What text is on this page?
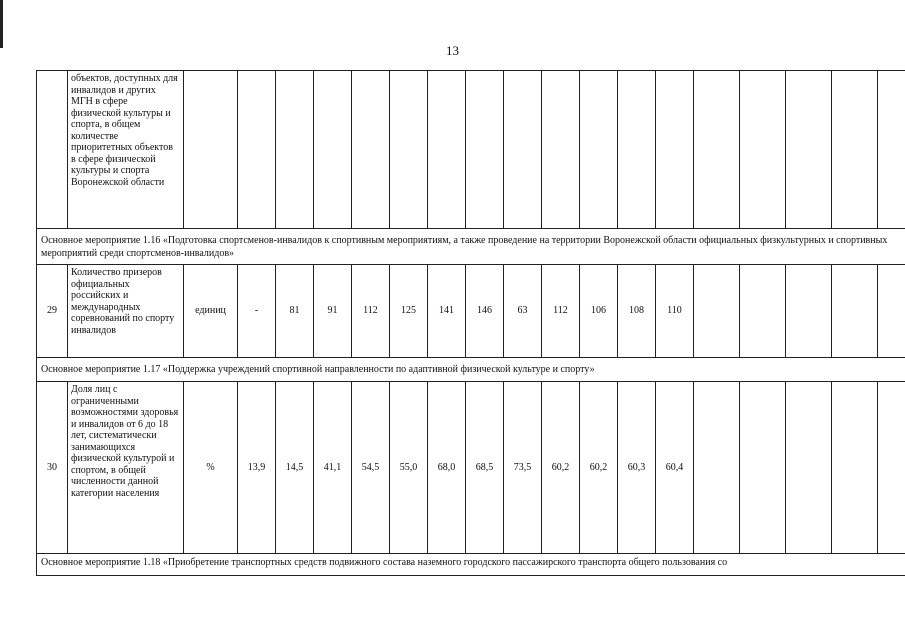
13
	объектов, доступных для инвалидов и других МГН в сфере физической культуры и спорта, в общем количестве приоритетных объектов в сфере физической культуры и спорта Воронежской области																		
Основное мероприятие 1.16 «Подготовка спортсменов-инвалидов к спортивным мероприятиям, а также проведение на территории Воронежской области официальных физкультурных и спортивных мероприятий среди спортсменов-инвалидов»																			
29	Количество призеров официальных российских и международных соревнований по спорту инвалидов	единиц	-	81	91	112	125	141	146	63	112	106	108	110					
Основное мероприятие 1.17 «Поддержка учреждений спортивной направленности по адаптивной физической культуре и спорту»																			
30	Доля лиц с ограниченными возможностями здоровья и инвалидов от 6 до 18 лет, систематически занимающихся физической культурой и спортом, в общей численности данной категории населения	%	13,9	14,5	41,1	54,5	55,0	68,0	68,5	73,5	60,2	60,2	60,3	60,4					
Основное мероприятие 1.18 «Приобретение транспортных средств подвижного состава наземного городского пассажирского транспорта общего пользования со																			
